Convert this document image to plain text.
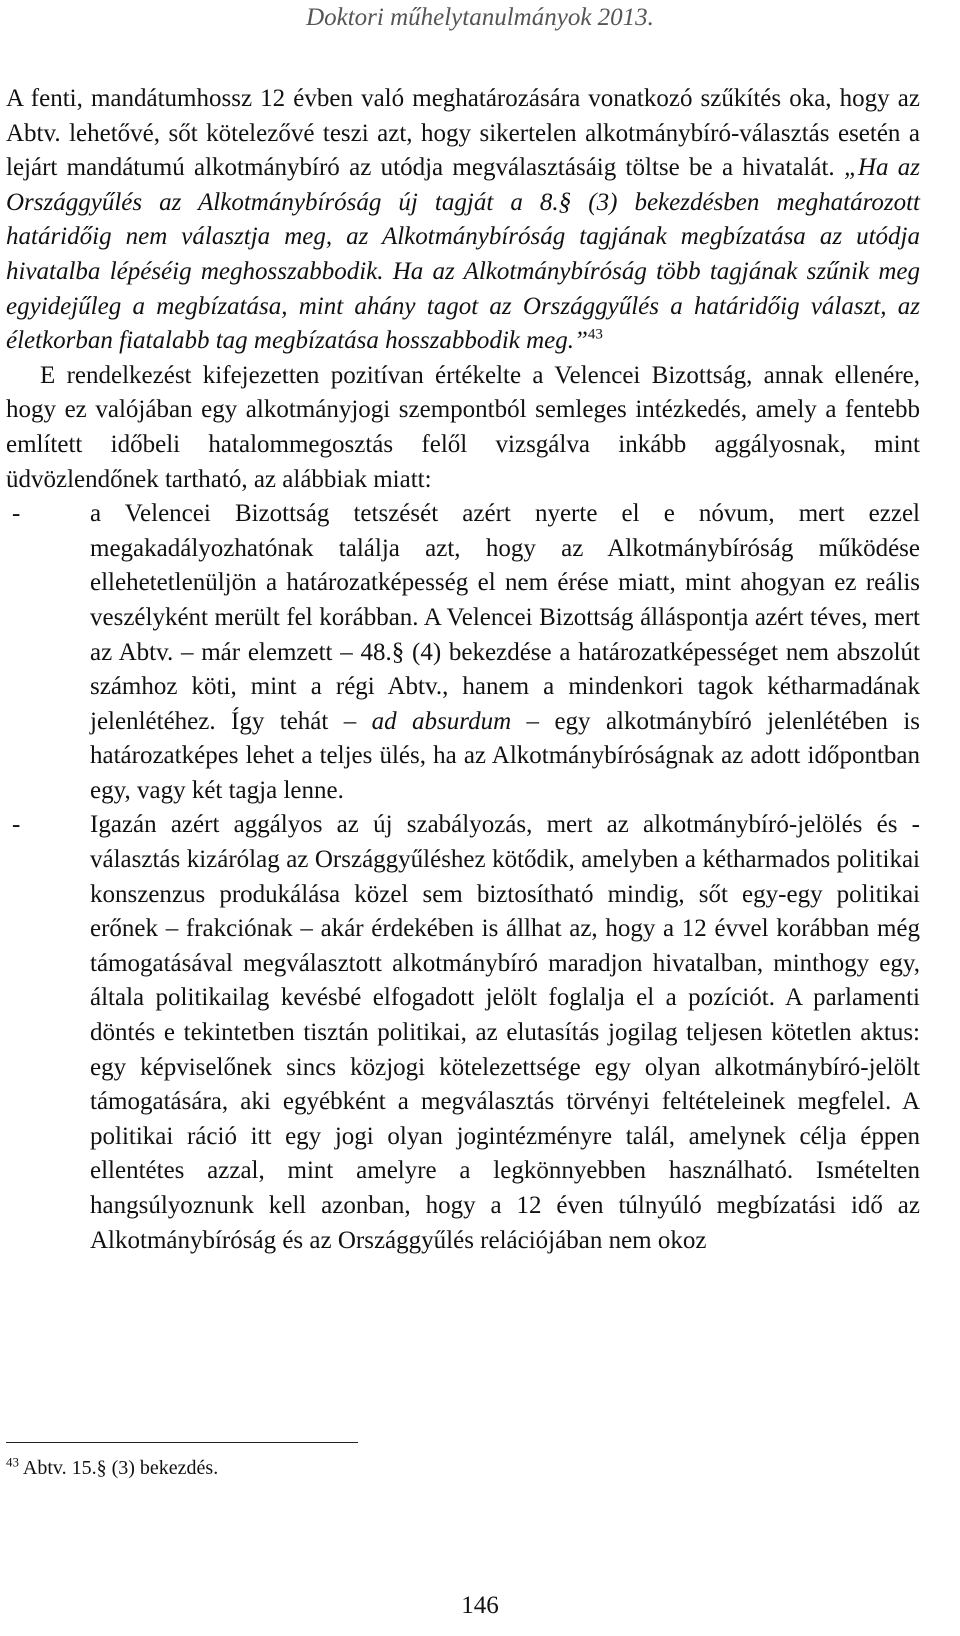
Doktori műhelytanulmányok 2013.

A fenti, mandátumhossz 12 évben való meghatározására vonatkozó szűkítés oka, hogy az Abtv. lehetővé, sőt kötelezővé teszi azt, hogy sikertelen alkotmánybíró-választás esetén a lejárt mandátumú alkotmánybíró az utódja megválasztásáig töltse be a hivatalát. „Ha az Országgyűlés az Alkotmánybíróság új tagját a 8.§ (3) bekezdésben meghatározott határidőig nem választja meg, az Alkotmánybíróság tagjának megbízatása az utódja hivatalba lépéséig meghosszabbodik. Ha az Alkotmánybíróság több tagjának szűnik meg egyidejűleg a megbízatása, mint ahány tagot az Országgyűlés a határidőig választ, az életkorban fiatalabb tag megbízatása hosszabbodik meg.”$^{43}$

E rendelkezést kifejezetten pozitívan értékelte a Velencei Bizottság, annak ellenére, hogy ez valójában egy alkotmányjogi szempontból semleges intézkedés, amely a fentebb említett időbeli hatalommegosztás felől vizsgálva inkább aggályosnak, mint üdvözlendőnek tartható, az alábbiak miatt:

-	a Velencei Bizottság tetszését azért nyerte el e nóvum, mert ezzel megakadályozhatónak találja azt, hogy az Alkotmánybíróság működése ellehetetlenüljön a határozatképesség el nem érése miatt, mint ahogyan ez reális veszélyként merült fel korábban. A Velencei Bizottság álláspontja azért téves, mert az Abtv. – már elemzett – 48.§ (4) bekezdése a határozatképességet nem abszolút számhoz köti, mint a régi Abtv., hanem a mindenkori tagok kétharmadának jelenlétéhez. Így tehát – ad absurdum – egy alkotmánybíró jelenlétében is határozatképes lehet a teljes ülés, ha az Alkotmánybíróságnak az adott időpontban egy, vagy két tagja lenne.
-	Igazán azért aggályos az új szabályozás, mert az alkotmánybíró-jelölés és -választás kizárólag az Országgyűléshez kötődik, amelyben a kétharmados politikai konszenzus produkálása közel sem biztosítható mindig, sőt egy-egy politikai erőnek – frakciónak – akár érdekében is állhat az, hogy a 12 évvel korábban még támogatásával megválasztott alkotmánybíró maradjon hivatalban, minthogy egy, általa politikailag kevésbé elfogadott jelölt foglalja el a pozíciót. A parlamenti döntés e tekintetben tisztán politikai, az elutasítás jogilag teljesen kötetlen aktus: egy képviselőnek sincs közjogi kötelezettsége egy olyan alkotmánybíró-jelölt támogatására, aki egyébként a megválasztás törvényi feltételeinek megfelel. A politikai ráció itt egy jogi olyan jogintézményre talál, amelynek célja éppen ellentétes azzal, mint amelyre a legkönnyebben használható. Ismételten hangsúlyoznunk kell azonban, hogy a 12 éven túlnyúló megbízatási idő az Alkotmánybíróság és az Országgyűlés relációjában nem okoz
$^{43}$ Abtv. 15.§ (3) bekezdés.
146
